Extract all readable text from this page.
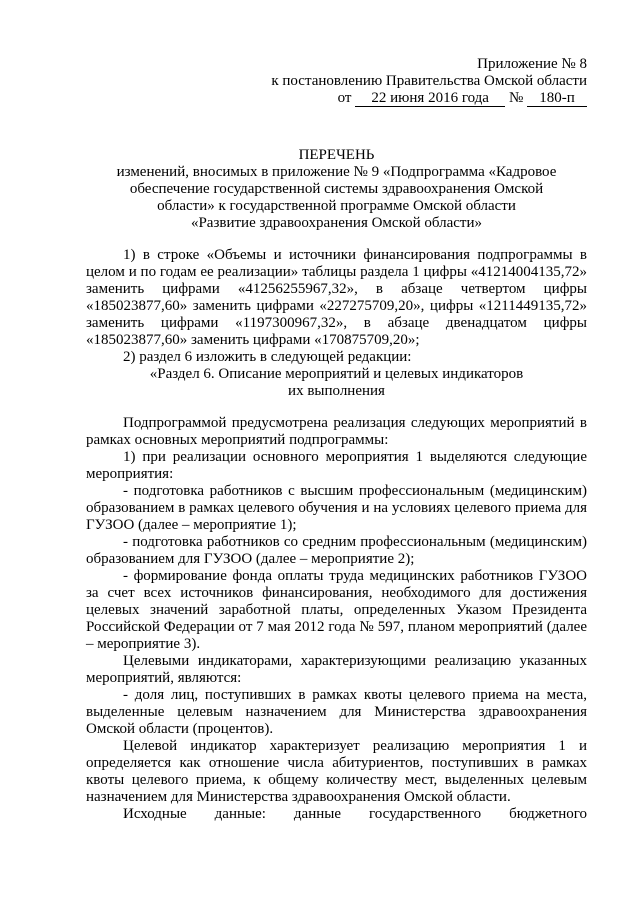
Приложение № 8
к постановлению Правительства Омской области
от 22 июня 2016 года № 180-п
ПЕРЕЧЕНЬ
изменений, вносимых в приложение № 9 «Подпрограмма «Кадровое
обеспечение государственной системы здравоохранения Омской
области» к государственной программе Омской области
«Развитие здравоохранения Омской области»

1) в строке «Объемы и источники финансирования подпрограммы в целом и по годам ее реализации» таблицы раздела 1 цифры «41214004135,72» заменить цифрами «41256255967,32», в абзаце четвертом цифры «185023877,60» заменить цифрами «227275709,20», цифры «1211449135,72» заменить цифрами «1197300967,32», в абзаце двенадцатом цифры «185023877,60» заменить цифрами «170875709,20»;

2) раздел 6 изложить в следующей редакции:

«Раздел 6. Описание мероприятий и целевых индикаторов
их выполнения

Подпрограммой предусмотрена реализация следующих мероприятий в рамках основных мероприятий подпрограммы:

1) при реализации основного мероприятия 1 выделяются следующие мероприятия:

- подготовка работников с высшим профессиональным (медицинским) образованием в рамках целевого обучения и на условиях целевого приема для ГУЗОО (далее – мероприятие 1);

- подготовка работников со средним профессиональным (медицинским) образованием для ГУЗОО (далее – мероприятие 2);

- формирование фонда оплаты труда медицинских работников ГУЗОО за счет всех источников финансирования, необходимого для достижения целевых значений заработной платы, определенных Указом Президента Российской Федерации от 7 мая 2012 года № 597, планом мероприятий (далее – мероприятие 3).

Целевыми индикаторами, характеризующими реализацию указанных мероприятий, являются:

- доля лиц, поступивших в рамках квоты целевого приема на места, выделенные целевым назначением для Министерства здравоохранения Омской области (процентов).

Целевой индикатор характеризует реализацию мероприятия 1 и определяется как отношение числа абитуриентов, поступивших в рамках квоты целевого приема, к общему количеству мест, выделенных целевым назначением для Министерства здравоохранения Омской области.

Исходные данные: данные государственного бюджетного
